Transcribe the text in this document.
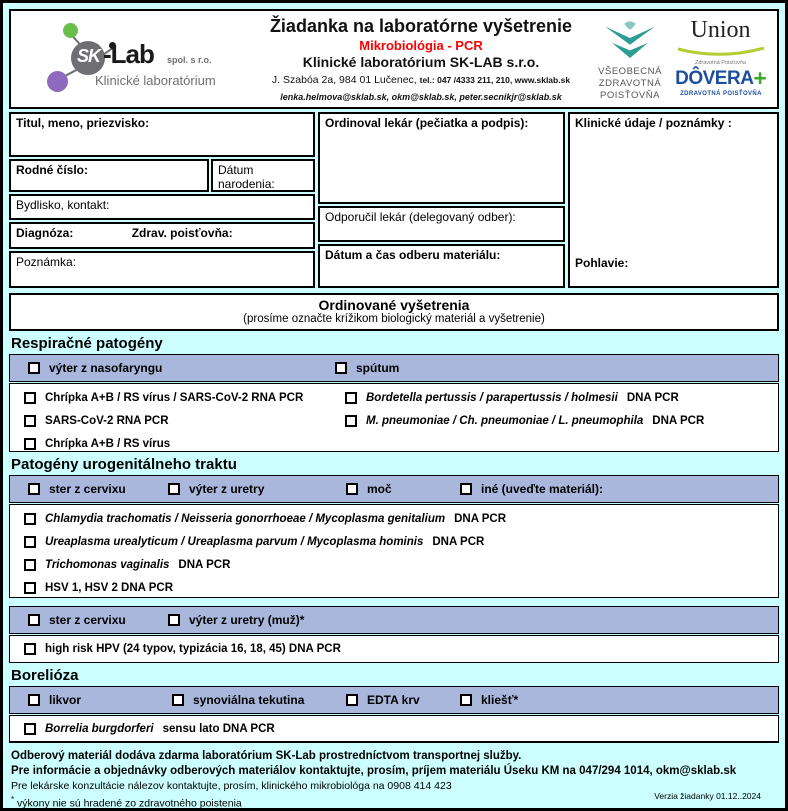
SK -Lab spol. s r.o.
Klinické laboratórium
Žiadanka na laboratórne vyšetrenie
Mikrobiológia - PCR
Klinické laboratórium SK-LAB s.r.o.
J. Szabóa 2a, 984 01 Lučenec, tel.: 047 /4333 211, 210, www.sklab.sk
lenka.helmova@sklab.sk, okm@sklab.sk, peter.secnikjr@sklab.sk
VŠEOBECNÁ
ZDRAVOTNÁ
POISŤOVŇA
Union
Zdravotná Poisťovňa
DÔVERA+
ZDRAVOTNÁ POISŤOVŇA
Titul, meno, priezvisko:
Rodné číslo:	Dátum narodenia:
Bydlisko, kontakt:
Diagnóza:	Zdrav. poisťovňa:
Poznámka:
Ordinoval lekár (pečiatka a podpis):
Odporučil lekár (delegovaný odber):
Dátum a čas odberu materiálu:
Klinické údaje / poznámky :
Pohlavie:
Ordinované vyšetrenia
(prosíme označte krížikom biologický materiál a vyšetrenie)
Respiračné patogény
výter z nasofaryngu	spútum
Chrípka A+B / RS vírus / SARS-CoV-2 RNA PCR
SARS-CoV-2 RNA PCR
Chrípka A+B / RS vírus
Bordetella pertussis / parapertussis / holmesii DNA PCR
M. pneumoniae / Ch. pneumoniae / L. pneumophila DNA PCR
Patogény urogenitálneho traktu
ster z cervixu	výter z uretry	moč	iné (uveďte materiál):
Chlamydia trachomatis / Neisseria gonorrhoeae / Mycoplasma genitalium DNA PCR
Ureaplasma urealyticum / Ureaplasma parvum / Mycoplasma hominis DNA PCR
Trichomonas vaginalis DNA PCR
HSV 1, HSV 2 DNA PCR
ster z cervixu	výter z uretry (muž)*
high risk HPV (24 typov, typizácia 16, 18, 45) DNA PCR
Borelióza
likvor	synoviálna tekutina	EDTA krv	kliešť*
Borrelia burgdorferi sensu lato DNA PCR
Odberový materiál dodáva zdarma laboratórium SK-Lab prostredníctvom transportnej služby.
Pre informácie a objednávky odberových materiálov kontaktujte, prosím, príjem materiálu Úseku KM na 047/294 1014, okm@sklab.sk
Pre lekárske konzultácie nálezov kontaktujte, prosím, klinického mikrobiológa na 0908 414 423
* výkony nie sú hradené zo zdravotného poistenia
Verzia žiadanky 01.12..2024
